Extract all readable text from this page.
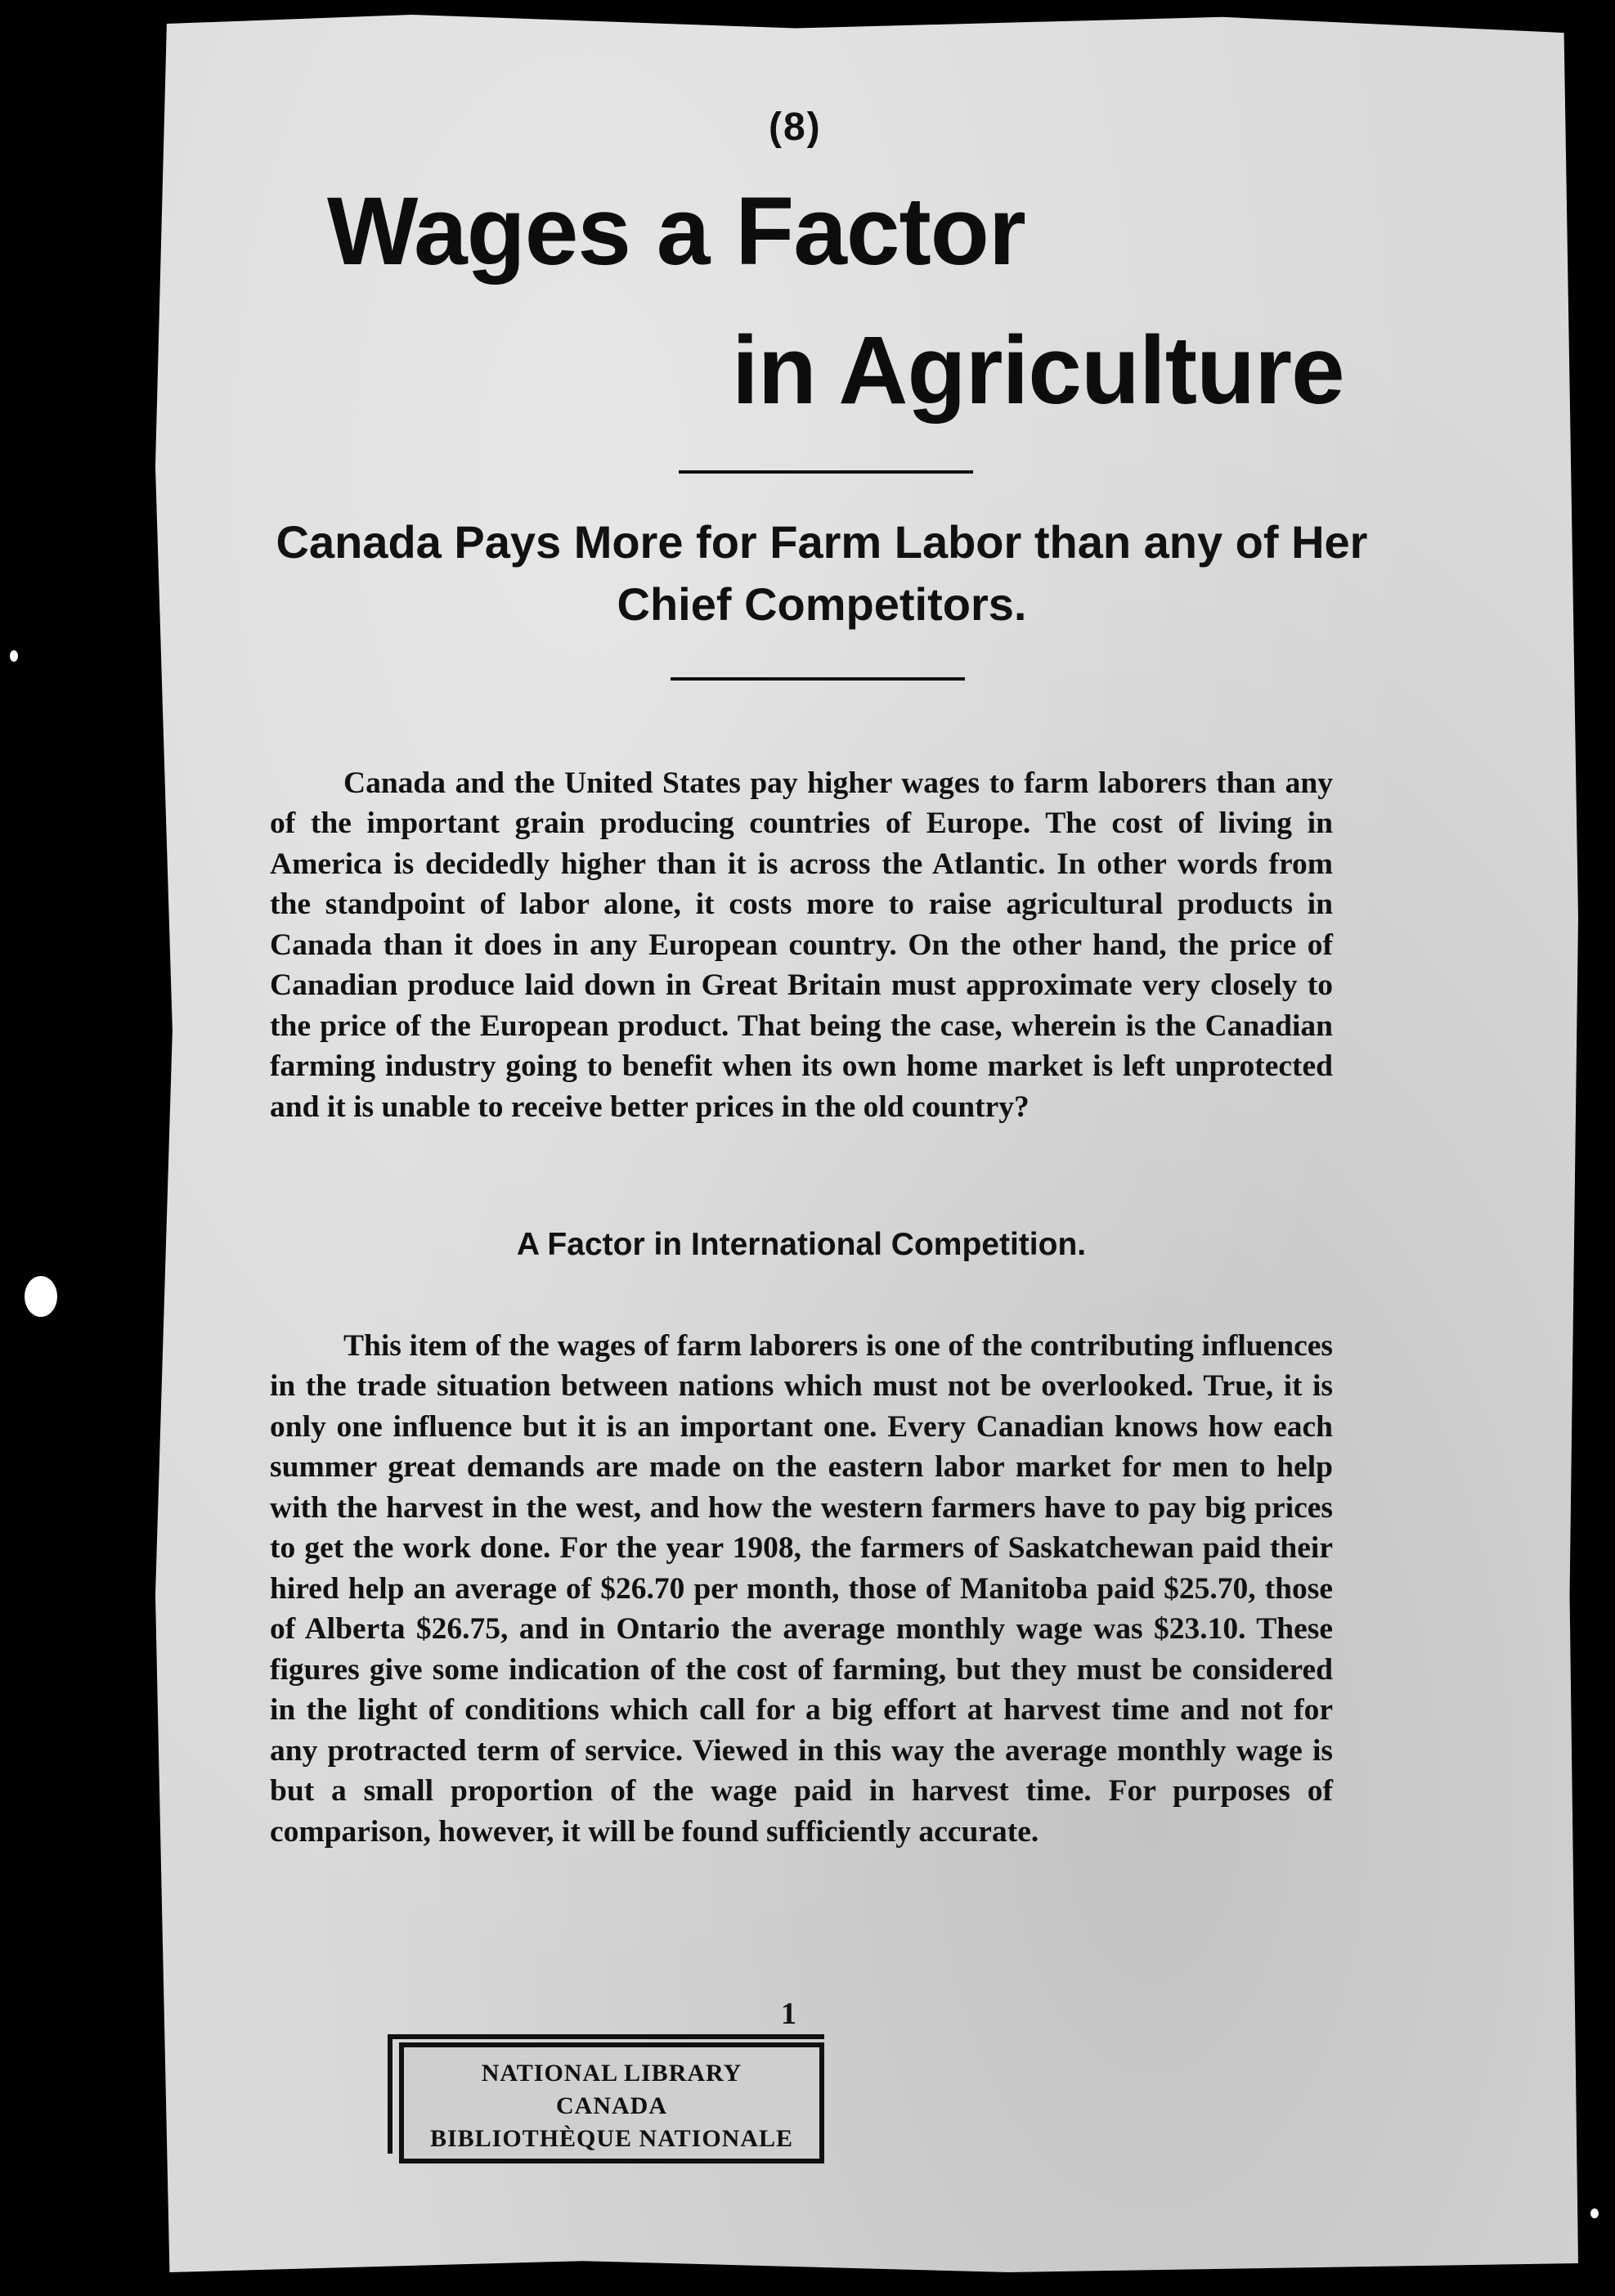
(8)
Wages a Factor
in Agriculture
Canada Pays More for Farm Labor than any of Her Chief Competitors.

Canada and the United States pay higher wages to farm laborers than any of the important grain producing countries of Europe. The cost of living in America is decidedly higher than it is across the Atlantic. In other words from the standpoint of labor alone, it costs more to raise agricultural products in Canada than it does in any European country. On the other hand, the price of Canadian produce laid down in Great Britain must approximate very closely to the price of the European product. That being the case, wherein is the Canadian farming industry going to benefit when its own home market is left unprotected and it is unable to receive better prices in the old country?

A Factor in International Competition.

This item of the wages of farm laborers is one of the contributing influences in the trade situation between nations which must not be overlooked. True, it is only one influence but it is an important one. Every Canadian knows how each summer great demands are made on the eastern labor market for men to help with the harvest in the west, and how the western farmers have to pay big prices to get the work done. For the year 1908, the farmers of Saskatchewan paid their hired help an average of $26.70 per month, those of Manitoba paid $25.70, those of Alberta $26.75, and in Ontario the average monthly wage was $23.10. These figures give some indication of the cost of farming, but they must be considered in the light of conditions which call for a big effort at harvest time and not for any protracted term of service. Viewed in this way the average monthly wage is but a small proportion of the wage paid in harvest time. For purposes of comparison, however, it will be found sufficiently accurate.

1
NATIONAL LIBRARY
CANADA
BIBLIOTHÈQUE NATIONALE
